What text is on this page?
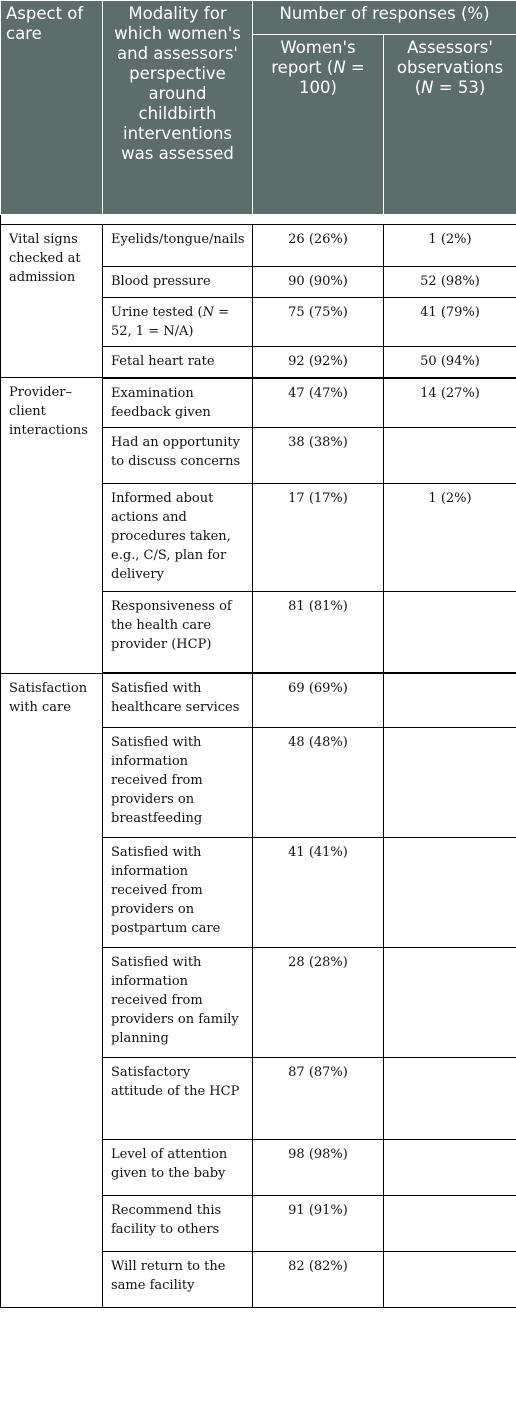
Aspect of care	Modality for which women's and assessors' perspective around childbirth interventions was assessed	Number of responses (%)	
		Women's report (N = 100)	Assessors' observations (N = 53)

Vital signs checked at admission	Eyelids/tongue/nails	26 (26%)	1 (2%)
	Blood pressure	90 (90%)	52 (98%)
	Urine tested (N = 52, 1 = N/A)	75 (75%)	41 (79%)
	Fetal heart rate	92 (92%)	50 (94%)
Provider–client interactions	Examination feedback given	47 (47%)	14 (27%)
	Had an opportunity to discuss concerns	38 (38%)	
	Informed about actions and procedures taken, e.g., C/S, plan for delivery	17 (17%)	1 (2%)
	Responsiveness of the health care provider (HCP)	81 (81%)	
Satisfaction with care	Satisfied with healthcare services	69 (69%)	
	Satisfied with information received from providers on breastfeeding	48 (48%)	
	Satisfied with information received from providers on postpartum care	41 (41%)	
	Satisfied with information received from providers on family planning	28 (28%)	
	Satisfactory attitude of the HCP	87 (87%)	
	Level of attention given to the baby	98 (98%)	
	Recommend this facility to others	91 (91%)	
	Will return to the same facility	82 (82%)	
